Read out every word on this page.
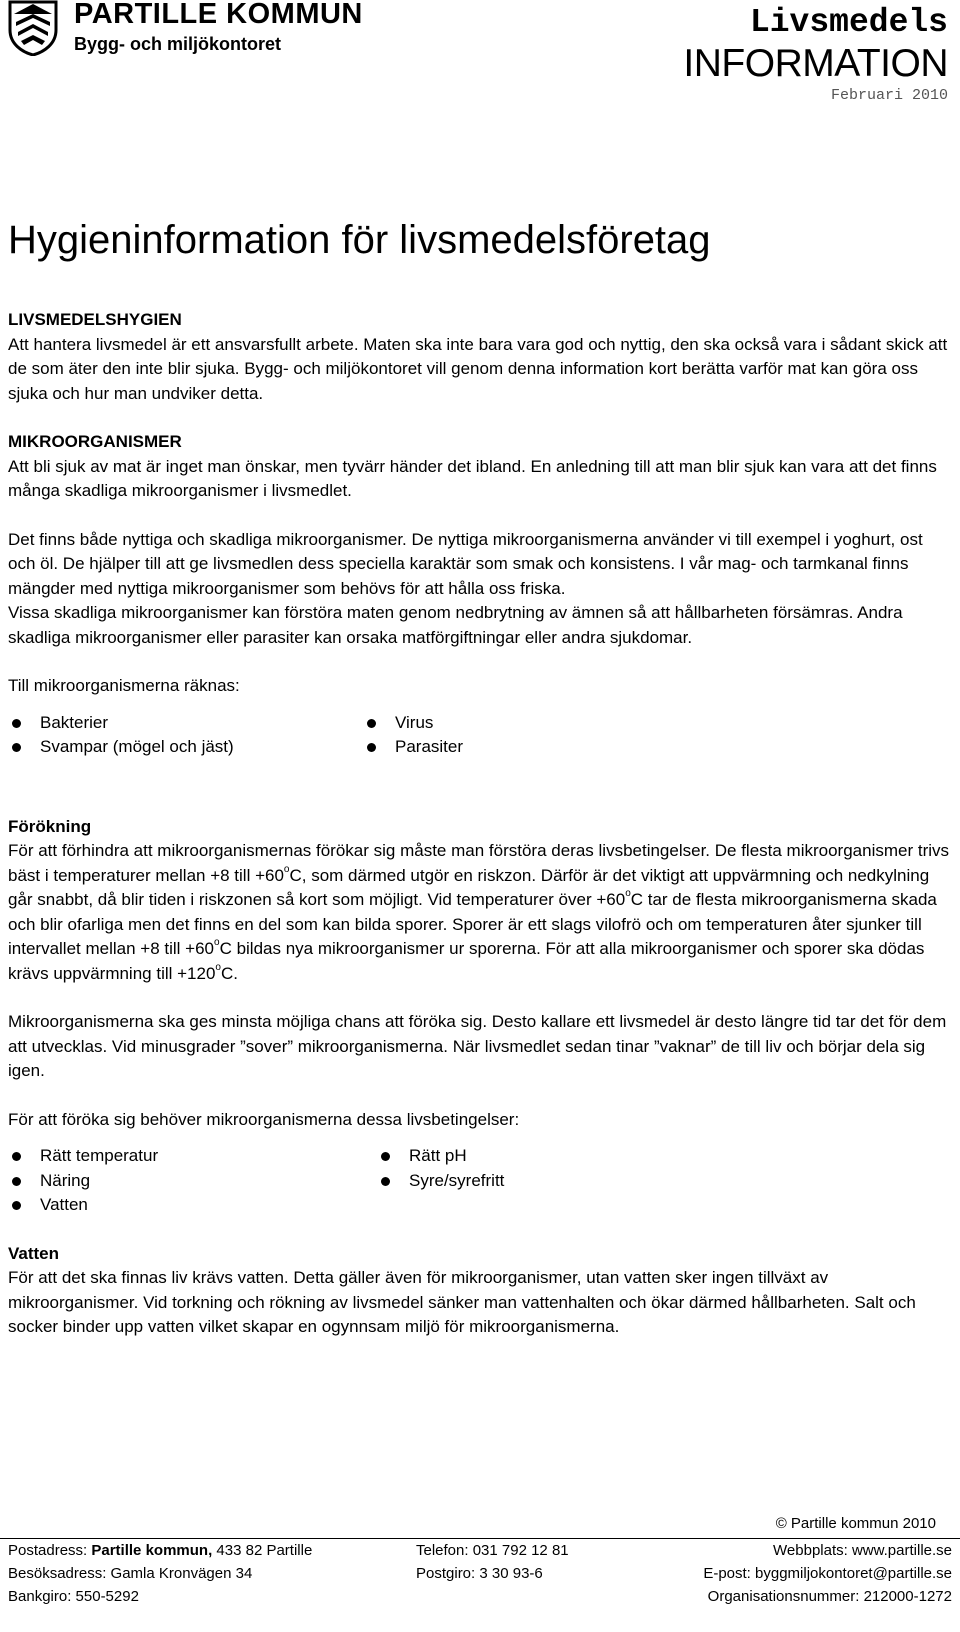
PARTILLE KOMMUN
Bygg- och miljökontoret
Livsmedels
INFORMATION
Februari 2010
Hygieninformation för livsmedelsföretag
LIVSMEDELSHYGIEN

Att hantera livsmedel är ett ansvarsfullt arbete. Maten ska inte bara vara god och nyttig, den ska också vara i sådant skick att de som äter den inte blir sjuka. Bygg- och miljökontoret vill genom denna information kort berätta varför mat kan göra oss sjuka och hur man undviker detta.

MIKROORGANISMER

Att bli sjuk av mat är inget man önskar, men tyvärr händer det ibland. En anledning till att man blir sjuk kan vara att det finns många skadliga mikroorganismer i livsmedlet.

Det finns både nyttiga och skadliga mikroorganismer. De nyttiga mikroorganismerna använder vi till exempel i yoghurt, ost och öl. De hjälper till att ge livsmedlen dess speciella karaktär som smak och konsistens. I vår mag- och tarmkanal finns mängder med nyttiga mikroorganismer som behövs för att hålla oss friska.

Vissa skadliga mikroorganismer kan förstöra maten genom nedbrytning av ämnen så att hållbarheten försämras. Andra skadliga mikroorganismer eller parasiter kan orsaka matförgiftningar eller andra sjukdomar.

Till mikroorganismerna räknas:

Bakterier	Virus
Svampar (mögel och jäst)	Parasiter
Förökning

För att förhindra att mikroorganismernas förökar sig måste man förstöra deras livsbetingelser. De flesta mikroorganismer trivs bäst i temperaturer mellan +8 till $+60^oC$, som därmed utgör en riskzon. Därför är det viktigt att uppvärmning och nedkylning går snabbt, då blir tiden i riskzonen så kort som möjligt. Vid temperaturer över $+60^oC$ tar de flesta mikroorganismerna skada och blir ofarliga men det finns en del som kan bilda sporer. Sporer är ett slags vilofrö och om temperaturen åter sjunker till intervallet mellan +8 till $+60^oC$ bildas nya mikroorganismer ur sporerna. För att alla mikroorganismer och sporer ska dödas krävs uppvärmning till $+120^oC$.

Mikroorganismerna ska ges minsta möjliga chans att föröka sig. Desto kallare ett livsmedel är desto längre tid tar det för dem att utvecklas. Vid minusgrader ”sover” mikroorganismerna. När livsmedlet sedan tinar ”vaknar” de till liv och börjar dela sig igen.

För att föröka sig behöver mikroorganismerna dessa livsbetingelser:

Rätt temperatur	Rätt pH
Näring	Syre/syrefritt
Vatten
Vatten

För att det ska finnas liv krävs vatten. Detta gäller även för mikroorganismer, utan vatten sker ingen tillväxt av mikroorganismer. Vid torkning och rökning av livsmedel sänker man vattenhalten och ökar därmed hållbarheten. Salt och socker binder upp vatten vilket skapar en ogynnsam miljö för mikroorganismerna.

© Partille kommun 2010
Postadress: Partille kommun, 433 82 Partille	Telefon: 031 792 12 81	Webbplats: www.partille.se
Besöksadress: Gamla Kronvägen 34	Postgiro: 3 30 93-6	E-post: byggmiljokontoret@partille.se
Bankgiro: 550-5292	Organisationsnummer: 212000-1272
